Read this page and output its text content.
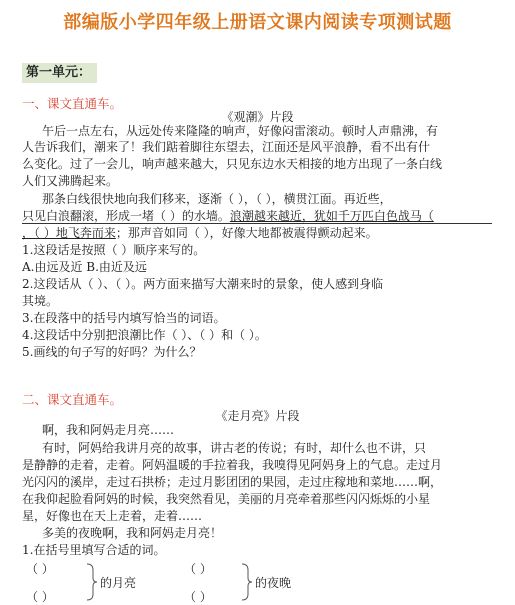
部编版小学四年级上册语文课内阅读专项测试题
第一单元：
一、课文直通车。
《观潮》片段
午后一点左右，从远处传来隆隆的响声，好像闷雷滚动。顿时人声鼎沸，有
人告诉我们，潮来了！我们踮着脚往东望去，江面还是风平浪静，看不出有什
么变化。过了一会儿，响声越来越大，只见东边水天相接的地方出现了一条白线
人们又沸腾起来。
那条白线很快地向我们移来，逐渐（ ），（ ），横贯江面。再近些，
只见白浪翻滚，形成一堵（ ）的水墙。浪潮越来越近，犹如千万匹白色战马（
，（ ）地飞奔而来；那声音如同（ ），好像大地都被震得颤动起来。
1.这段话是按照（ ）顺序来写的。
A.由远及近 B.由近及远
2.这段话从（ ）、（ ）。两方面来描写大潮来时的景象，使人感到身临
其境。
3.在段落中的括号内填写恰当的词语。
4.这段话中分别把浪潮比作（ ）、（ ）和（ ）。
5.画线的句子写的好吗？为什么？
二、课文直通车。
《走月亮》片段
啊，我和阿妈走月亮……
有时，阿妈给我讲月亮的故事，讲古老的传说；有时，却什么也不讲，只
是静静的走着，走着。阿妈温暖的手拉着我，我嗅得见阿妈身上的气息。走过月
光闪闪的溪岸，走过石拱桥；走过月影团团的果园，走过庄稼地和菜地……啊，
在我仰起脸看阿妈的时候，我突然看见，美丽的月亮牵着那些闪闪烁烁的小星
星，好像也在天上走着，走着……
多美的夜晚啊，我和阿妈走月亮！
1.在括号里填写合适的词。
（ ）
（ ）
的月亮
（ ）
（ ）
的夜晚
